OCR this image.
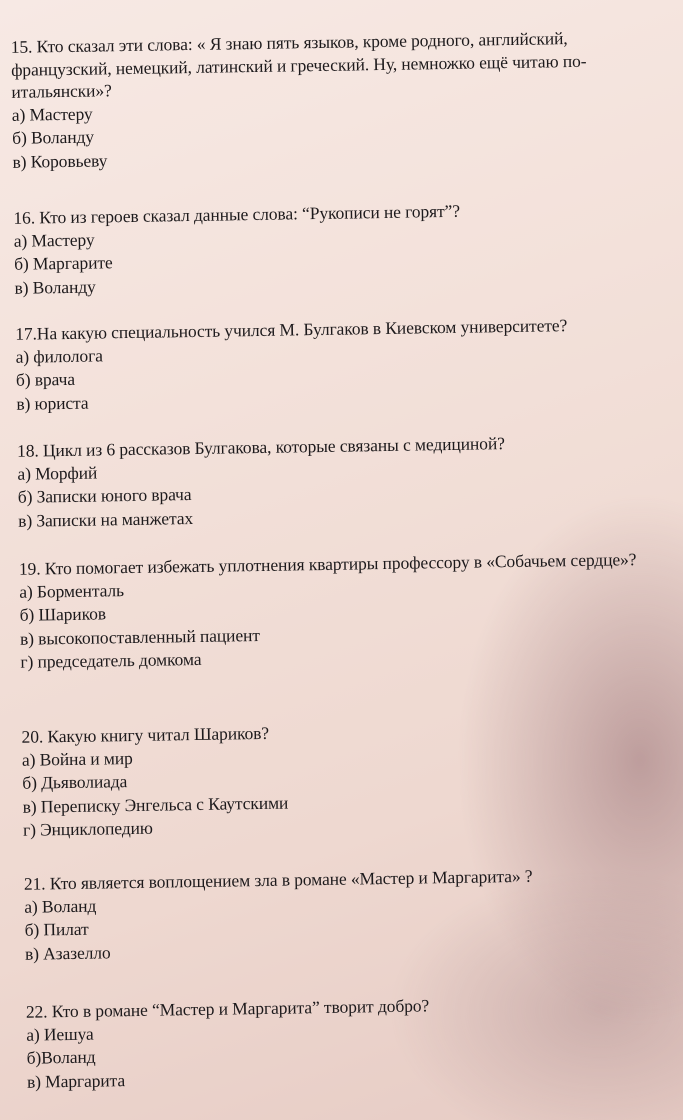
15. Кто сказал эти слова: « Я знаю пять языков, кроме родного, английский, французский, немецкий, латинский и греческий. Ну, немножко ещё читаю по-итальянски»?

а) Мастеру
б) Воланду
в) Коровьеву

16. Кто из героев сказал данные слова: “Рукописи не горят”?

а) Мастеру
б) Маргарите
в) Воланду

17.На какую специальность учился М. Булгаков в Киевском университете?

а) филолога
б) врача
в) юриста

18. Цикл из 6 рассказов Булгакова, которые связаны с медициной?

а) Морфий
б) Записки юного врача
в) Записки на манжетах

19. Кто помогает избежать уплотнения квартиры профессору в «Собачьем сердце»?

а) Борменталь
б) Шариков
в) высокопоставленный пациент
г) председатель домкома

20. Какую книгу читал Шариков?

а) Война и мир
б) Дьяволиада
в) Переписку Энгельса с Каутскими
г) Энциклопедию

21. Кто является воплощением зла в романе «Мастер и Маргарита» ?

а) Воланд
б) Пилат
в) Азазелло

22. Кто в романе “Мастер и Маргарита” творит добро?

а) Иешуа
б)Воланд
в) Маргарита
